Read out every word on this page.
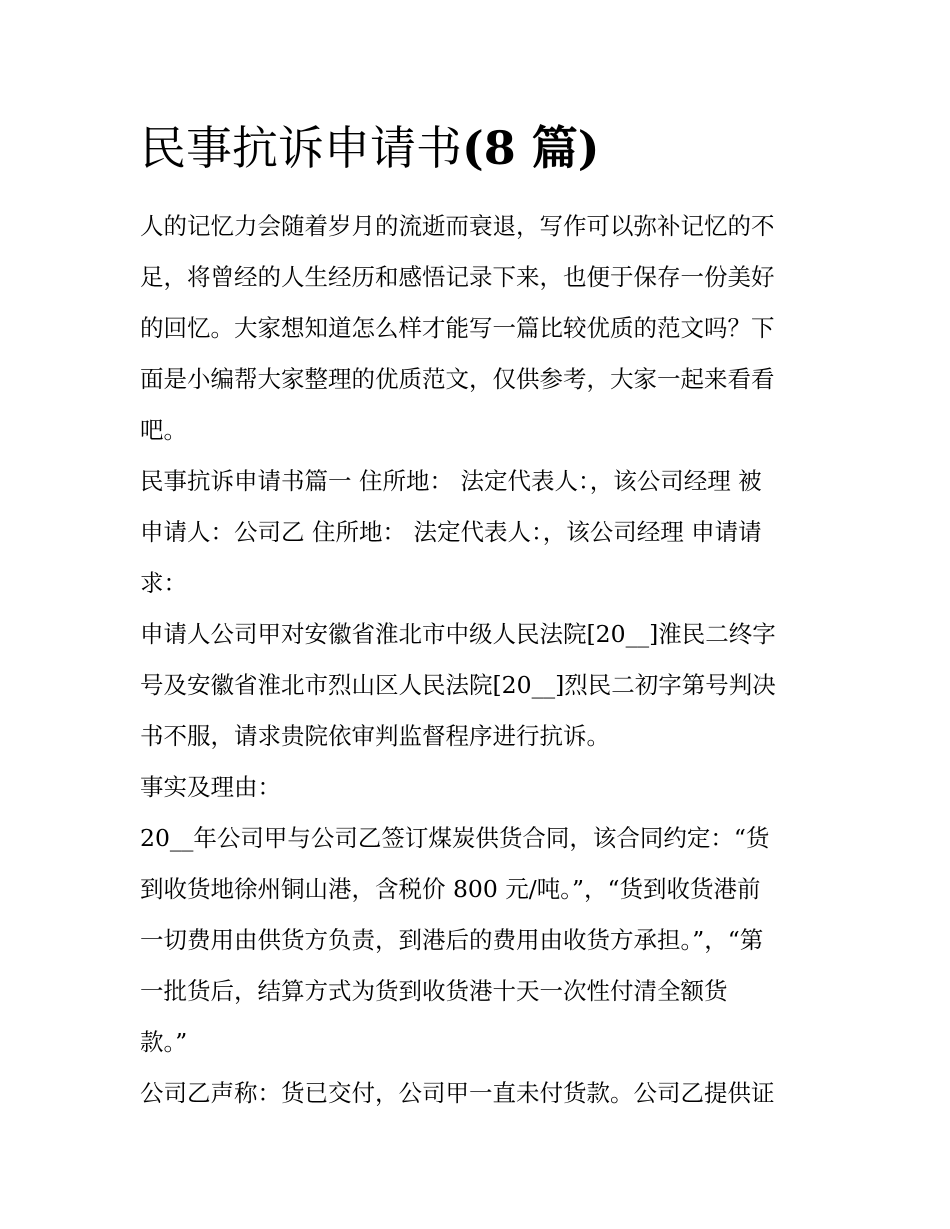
民事抗诉申请书(8 篇)

人的记忆力会随着岁月的流逝而衰退，写作可以弥补记忆的不
足，将曾经的人生经历和感悟记录下来，也便于保存一份美好
的回忆。大家想知道怎么样才能写一篇比较优质的范文吗？下
面是小编帮大家整理的优质范文，仅供参考，大家一起来看看
吧。

民事抗诉申请书篇一 住所地： 法定代表人：，该公司经理 被
申请人：公司乙 住所地： 法定代表人：，该公司经理 申请请
求：

申请人公司甲对安徽省淮北市中级人民法院[20__]淮民二终字
号及安徽省淮北市烈山区人民法院[20__]烈民二初字第号判决
书不服，请求贵院依审判监督程序进行抗诉。

事实及理由：

20__年公司甲与公司乙签订煤炭供货合同，该合同约定：“货
到收货地徐州铜山港，含税价 800 元/吨。”，“货到收货港前
一切费用由供货方负责，到港后的费用由收货方承担。”，“第
一批货后，结算方式为货到收货港十天一次性付清全额货
款。”

公司乙声称：货已交付，公司甲一直未付货款。公司乙提供证
